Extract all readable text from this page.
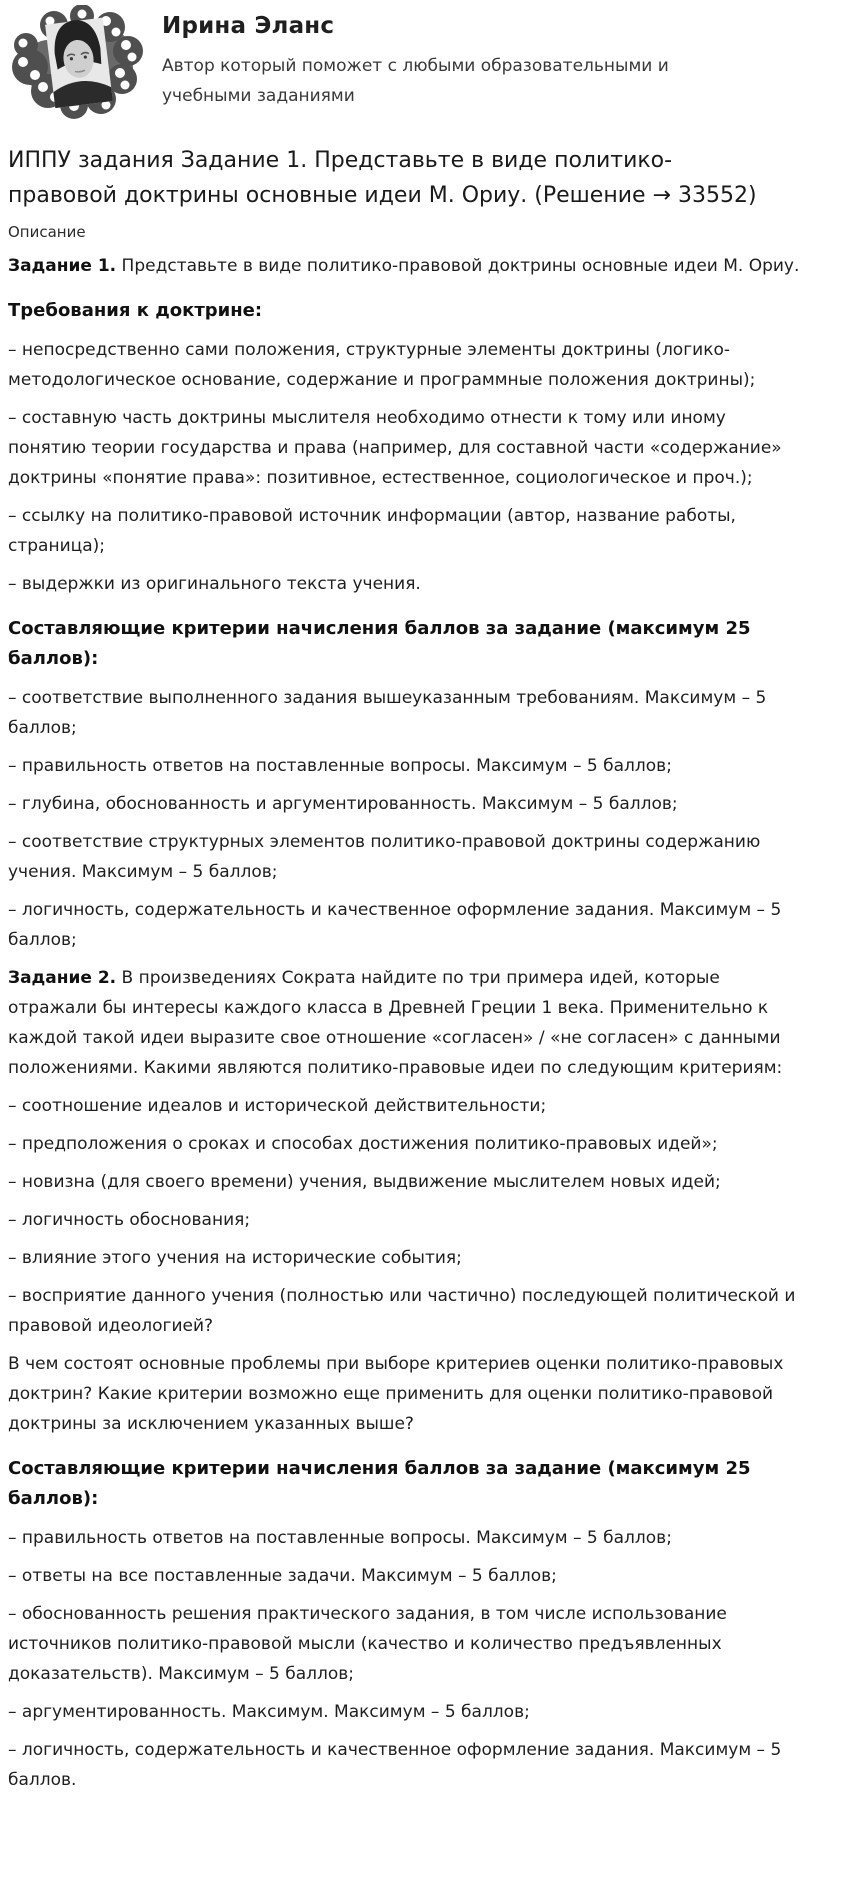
Ирина Эланс

Автор который поможет с любыми образовательными и учебными заданиями

ИППУ задания Задание 1. Представьте в виде политико-правовой доктрины основные идеи М. Ориу. (Решение → 33552)

Описание

Задание 1. Представьте в виде политико-правовой доктрины основные идеи М. Ориу.

Требования к доктрине:

– непосредственно сами положения, структурные элементы доктрины (логико-методологическое основание, содержание и программные положения доктрины);

– составную часть доктрины мыслителя необходимо отнести к тому или иному понятию теории государства и права (например, для составной части «содержание» доктрины «понятие права»: позитивное, естественное, социологическое и проч.);

– ссылку на политико-правовой источник информации (автор, название работы, страница);

– выдержки из оригинального текста учения.

Составляющие критерии начисления баллов за задание (максимум 25 баллов):

– соответствие выполненного задания вышеуказанным требованиям. Максимум – 5 баллов;

– правильность ответов на поставленные вопросы. Максимум – 5 баллов;

– глубина, обоснованность и аргументированность. Максимум – 5 баллов;

– соответствие структурных элементов политико-правовой доктрины содержанию учения. Максимум – 5 баллов;

– логичность, содержательность и качественное оформление задания. Максимум – 5 баллов;

Задание 2. В произведениях Сократа найдите по три примера идей, которые отражали бы интересы каждого класса в Древней Греции 1 века. Применительно к каждой такой идеи выразите свое отношение «согласен» / «не согласен» с данными положениями. Какими являются политико-правовые идеи по следующим критериям:

– соотношение идеалов и исторической действительности;

– предположения о сроках и способах достижения политико-правовых идей»;

– новизна (для своего времени) учения, выдвижение мыслителем новых идей;

– логичность обоснования;

– влияние этого учения на исторические события;

– восприятие данного учения (полностью или частично) последующей политической и правовой идеологией?

В чем состоят основные проблемы при выборе критериев оценки политико-правовых доктрин? Какие критерии возможно еще применить для оценки политико-правовой доктрины за исключением указанных выше?

Составляющие критерии начисления баллов за задание (максимум 25 баллов):

– правильность ответов на поставленные вопросы. Максимум – 5 баллов;

– ответы на все поставленные задачи. Максимум – 5 баллов;

– обоснованность решения практического задания, в том числе использование источников политико-правовой мысли (качество и количество предъявленных доказательств). Максимум – 5 баллов;

– аргументированность. Максимум. Максимум – 5 баллов;

– логичность, содержательность и качественное оформление задания. Максимум – 5 баллов.
